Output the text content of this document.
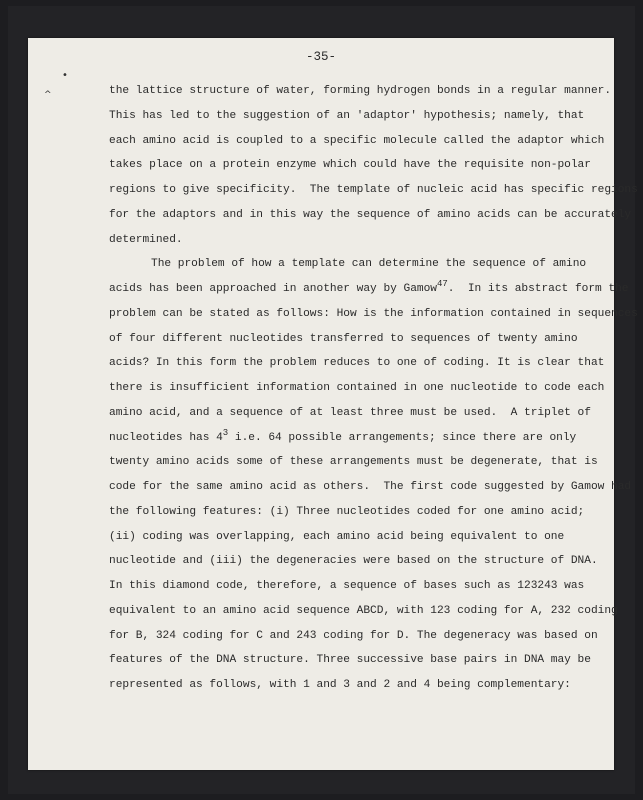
-35-
•
^	the lattice structure of water, forming hydrogen bonds in a regular manner.
This has led to the suggestion of an 'adaptor' hypothesis; namely, that
each amino acid is coupled to a specific molecule called the adaptor which
takes place on a protein enzyme which could have the requisite non-polar
regions to give specificity.  The template of nucleic acid has specific regions
for the adaptors and in this way the sequence of amino acids can be accurately
determined.
The problem of how a template can determine the sequence of amino
acids has been approached in another way by Gamow$^{47}$.  In its abstract form the
problem can be stated as follows: How is the information contained in sequences
of four different nucleotides transferred to sequences of twenty amino
acids? In this form the problem reduces to one of coding. It is clear that
there is insufficient information contained in one nucleotide to code each
amino acid, and a sequence of at least three must be used.  A triplet of
nucleotides has $4^3$ i.e. 64 possible arrangements; since there are only
twenty amino acids some of these arrangements must be degenerate, that is
code for the same amino acid as others.  The first code suggested by Gamow had
the following features: (i) Three nucleotides coded for one amino acid;
(ii) coding was overlapping, each amino acid being equivalent to one
nucleotide and (iii) the degeneracies were based on the structure of DNA.
In this diamond code, therefore, a sequence of bases such as 123243 was
equivalent to an amino acid sequence ABCD, with 123 coding for A, 232 coding
for B, 324 coding for C and 243 coding for D. The degeneracy was based on
features of the DNA structure. Three successive base pairs in DNA may be
represented as follows, with 1 and 3 and 2 and 4 being complementary:
